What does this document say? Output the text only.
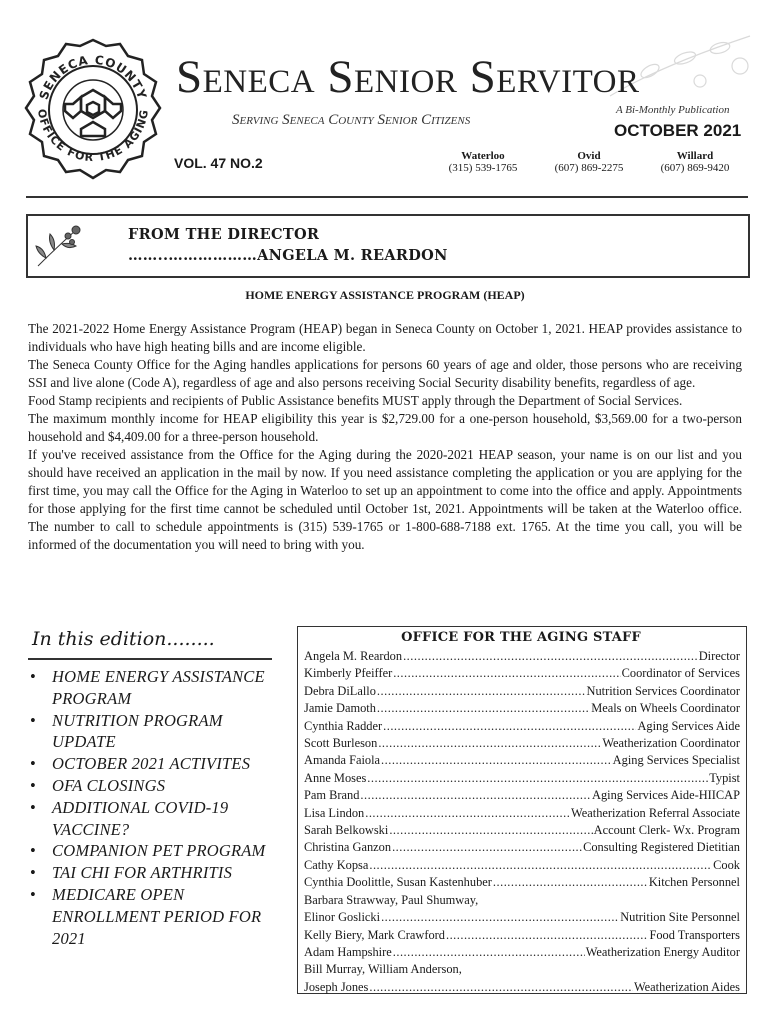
SENECA COUNTY
OFFICE FOR THE AGING
Seneca Senior Servitor
Serving Seneca County Senior Citizens
A Bi-Monthly Publication
OCTOBER 2021
VOL. 47 NO.2	Waterloo
(315) 539-1765
Ovid
(607) 869-2275
Willard
(607) 869-9420
FROM THE DIRECTOR
……..………………ANGELA M. REARDON
HOME ENERGY ASSISTANCE PROGRAM (HEAP)

The 2021-2022 Home Energy Assistance Program (HEAP) began in Seneca County on October 1, 2021. HEAP provides assistance to individuals who have high heating bills and are income eligible.

The Seneca County Office for the Aging handles applications for persons 60 years of age and older, those persons who are receiving SSI and live alone (Code A), regardless of age and also persons receiving Social Security disability benefits, regardless of age.

Food Stamp recipients and recipients of Public Assistance benefits MUST apply through the Department of Social Services.

The maximum monthly income for HEAP eligibility this year is $2,729.00 for a one-person household, $3,569.00 for a two-person household and $4,409.00 for a three-person household.

If you've received assistance from the Office for the Aging during the 2020-2021 HEAP season, your name is on our list and you should have received an application in the mail by now. If you need assistance completing the application or you are applying for the first time, you may call the Office for the Aging in Waterloo to set up an appointment to come into the office and apply. Appointments for those applying for the first time cannot be scheduled until October 1st, 2021. Appointments will be taken at the Waterloo office. The number to call to schedule appointments is (315) 539-1765 or 1-800-688-7188 ext. 1765. At the time you call, you will be informed of the documentation you will need to bring with you.

In this edition........
• HOME ENERGY ASSISTANCE PROGRAM
• NUTRITION PROGRAM UPDATE
• OCTOBER 2021 ACTIVITES
• OFA CLOSINGS
• ADDITIONAL COVID-19 VACCINE?
• COMPANION PET PROGRAM
• TAI CHI FOR ARTHRITIS
• MEDICARE OPEN ENROLLMENT PERIOD FOR 2021
OFFICE FOR THE AGING STAFF
Angela M. Reardon .....	Director
Kimberly Pfeiffer .....	Coordinator of Services
Debra DiLallo .....	Nutrition Services Coordinator
Jamie Damoth .....	Meals on Wheels Coordinator
Cynthia Radder .....	Aging Services Aide
Scott Burleson .....	Weatherization Coordinator
Amanda Faiola .....	Aging Services Specialist
Anne Moses .....	Typist
Pam Brand .....	Aging Services Aide-HIICAP
Lisa Lindon .....	Weatherization Referral Associate
Sarah Belkowski .....	Account Clerk- Wx. Program
Christina Ganzon .....	Consulting Registered Dietitian
Cathy Kopsa .....	Cook
Cynthia Doolittle, Susan Kastenhuber .....	Kitchen Personnel
Barbara Strawway, Paul Shumway,
Elinor Goslicki .....	Nutrition Site Personnel
Kelly Biery, Mark Crawford .....	Food Transporters
Adam Hampshire .....	Weatherization Energy Auditor
Bill Murray, William Anderson,
Joseph Jones .....	Weatherization Aides
